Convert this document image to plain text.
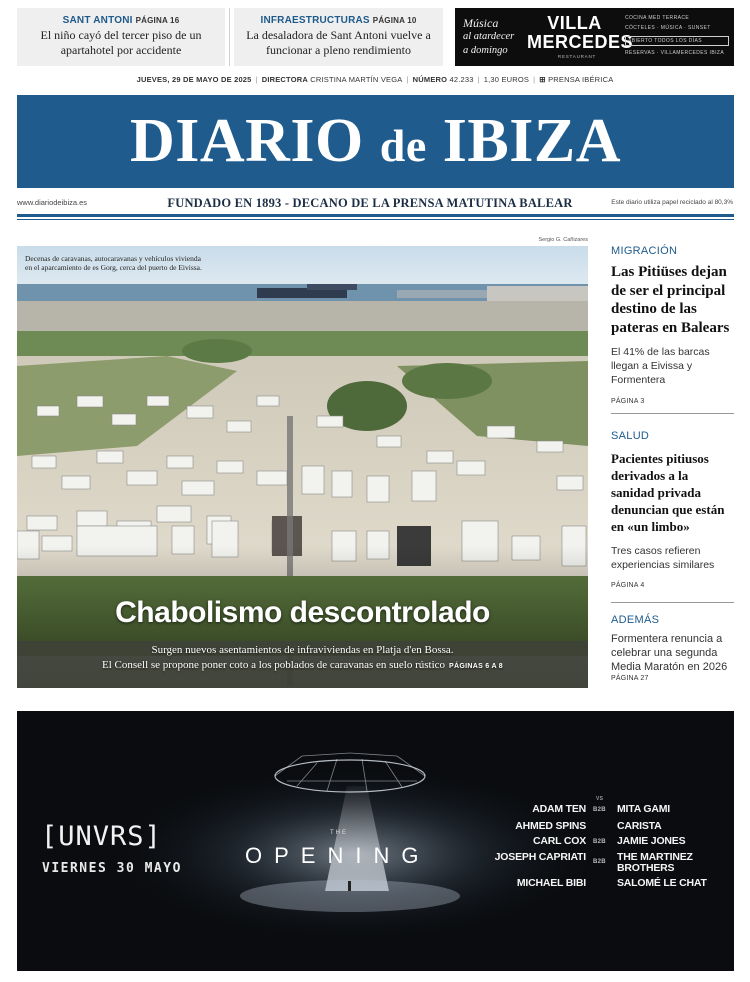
SANT ANTONI PÁGINA 16
El niño cayó del tercer piso de un apartahotel por accidente
INFRAESTRUCTURAS PÁGINA 10
La desaladora de Sant Antoni vuelve a funcionar a pleno rendimiento
Música
al atardecer
a domingo
VILLA
MERCEDES
RESTAURANT
COCINA MED TERRACE
CÓCTELES · MÚSICA · SUNSET
ABIERTO TODOS LOS DÍAS
RESERVAS · VILLAMERCEDES IBIZA
JUEVES, 29 DE MAYO DE 2025 | DIRECTORA CRISTINA MARTÍN VEGA | NÚMERO 42.233 | 1,30 EUROS | ⊞ PRENSA IBÉRICA
DIARIO de IBIZA
www.diariodeibiza.es	FUNDADO EN 1893 - DECANO DE LA PRENSA MATUTINA BALEAR	Este diario utiliza papel reciclado al 80,3%
Sergio G. Cañizares
Decenas de caravanas, autocaravanas y vehículos vivienda en el aparcamiento de es Gorg, cerca del puerto de Eivissa.
Chabolismo descontrolado
Surgen nuevos asentamientos de infraviviendas en Platja d'en Bossa.
El Consell se propone poner coto a los poblados de caravanas en suelo rústico PÁGINAS 6 A 8
MIGRACIÓN
Las Pitiüses dejan de ser el principal destino de las pateras en Balears
El 41% de las barcas llegan a Eivissa y Formentera
PÁGINA 3
SALUD
Pacientes pitiusos derivados a la sanidad privada denuncian que están en «un limbo»
Tres casos refieren experiencias similares
PÁGINA 4
ADEMÁS
Formentera renuncia a celebrar una segunda Media Maratón en 2026
PÁGINA 27
[UNVRS]
VIERNES 30 MAYO
THE
OPENING
VS
ADAM TEN
AHMED SPINS
CARL COX
JOSEPH CAPRIATI
MICHAEL BIBI
B2B
B2B
B2B
MITA GAMI
CARISTA
JAMIE JONES
THE MARTINEZ BROTHERS
SALOMÉ LE CHAT
